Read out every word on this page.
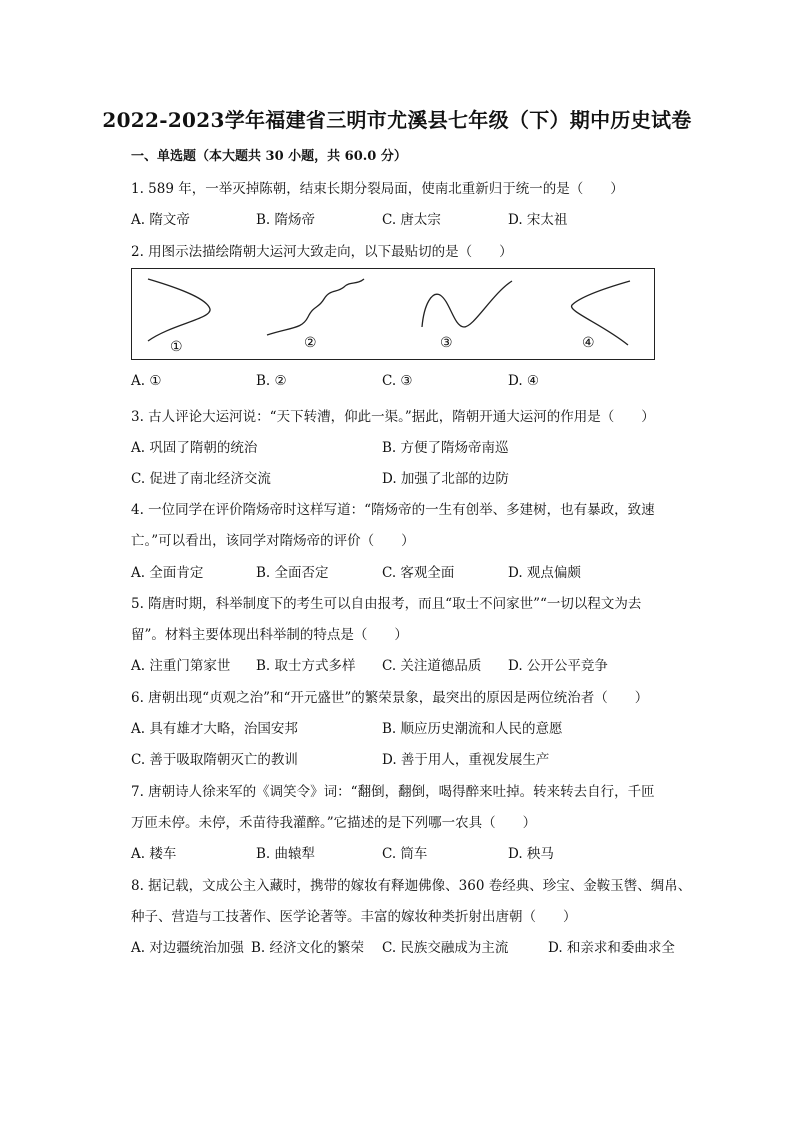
2022-2023学年福建省三明市尤溪县七年级（下）期中历史试卷
一、单选题（本大题共 30 小题，共 60.0 分）
1. 589 年，一举灭掉陈朝，结束长期分裂局面，使南北重新归于统一的是（　　）
A. 隋文帝	B. 隋炀帝	C. 唐太宗	D. 宋太祖
2. 用图示法描绘隋朝大运河大致走向，以下最贴切的是（　　）
①	②	③	④
A. ①	B. ②	C. ③	D. ④
3. 古人评论大运河说：“天下转漕，仰此一渠。”据此，隋朝开通大运河的作用是（　　）
A. 巩固了隋朝的统治	B. 方便了隋炀帝南巡
C. 促进了南北经济交流	D. 加强了北部的边防
4. 一位同学在评价隋炀帝时这样写道：“隋炀帝的一生有创举、多建树，也有暴政，致速
亡。”可以看出，该同学对隋炀帝的评价（　　）
A. 全面肯定	B. 全面否定	C. 客观全面	D. 观点偏颇
5. 隋唐时期，科举制度下的考生可以自由报考，而且“取士不问家世”“一切以程文为去
留”。材料主要体现出科举制的特点是（　　）
A. 注重门第家世 B. 取士方式多样 C. 关注道德品质 D. 公开公平竞争
6. 唐朝出现“贞观之治”和“开元盛世”的繁荣景象，最突出的原因是两位统治者（　　）
A. 具有雄才大略，治国安邦	B. 顺应历史潮流和人民的意愿
C. 善于吸取隋朝灭亡的教训	D. 善于用人，重视发展生产
7. 唐朝诗人徐来军的《调笑令》词：“翻倒，翻倒，喝得醉来吐掉。转来转去自行，千匝
万匝未停。未停，禾苗待我灌醉。”它描述的是下列哪一农具（　　）
A. 耧车	B. 曲辕犁	C. 筒车	D. 秧马
8. 据记载，文成公主入藏时，携带的嫁妆有释迦佛像、360 卷经典、珍宝、金鞍玉辔、绸帛、
种子、营造与工技著作、医学论著等。丰富的嫁妆种类折射出唐朝（　　）
A. 对边疆统治加强 B. 经济文化的繁荣 C. 民族交融成为主流	D. 和亲求和委曲求全
